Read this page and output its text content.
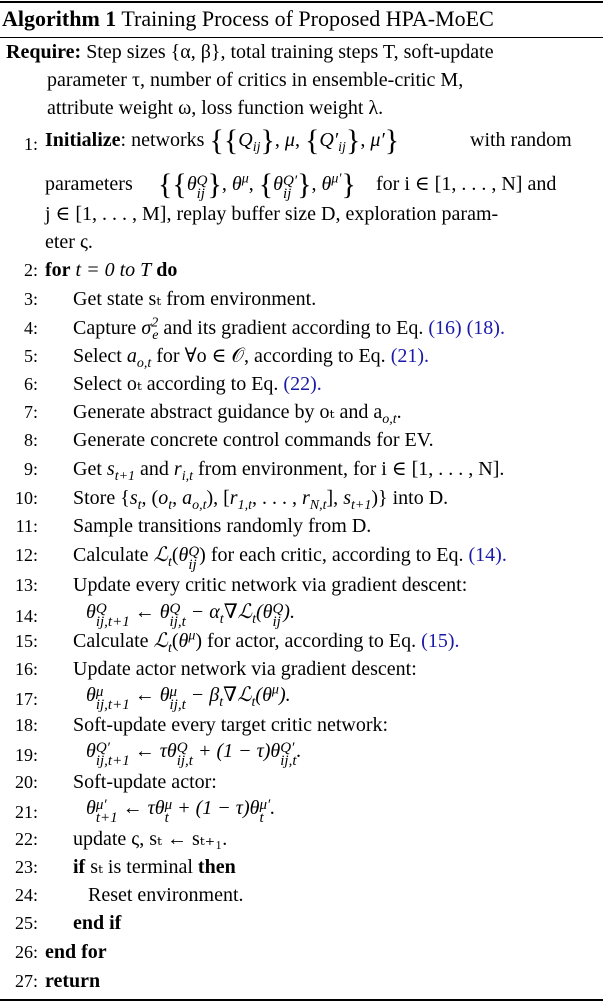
Algorithm 1 Training Process of Proposed HPA-MoEC
Require: Step sizes {α, β}, total training steps T, soft-update
parameter τ, number of critics in ensemble-critic M,
attribute weight ω, loss function weight λ.
1: Initialize: networks {$\{Q_{ij}\}$, μ, $\{Q'_{ij}\}$, μ′}	with random
parameters {{θ Q
ij }, $\theta^\mu$, {θ Q′
ij }, $\theta^{\mu'}$} for i ∈ [1, . . . , N] and
j ∈ [1, . . . , M], replay buffer size D, exploration param-
eter ς.
2: for t = 0 to T do
3: Get state sₜ from environment.
4: Capture $\sigma^2_e$ and its gradient according to Eq. (16) (18).
5: Select $a_{o,t}$ for ∀o ∈ 𝒪, according to Eq. (21).
6: Select oₜ according to Eq. (22).
7: Generate abstract guidance by oₜ and $a_{o,t}$.
8: Generate concrete control commands for EV.
9: Get $s_{t+1}$ and $r_{i,t}$ from environment, for i ∈ [1, . . . , N].
10: Store {$s_t$, ($o_t$, $a_{o,t}$), [$r_{1,t}$, . . . , $r_{N,t}$], $s_{t+1}$)} into D.
11: Sample transitions randomly from D.
12: Calculate ℒ$_t$(θ Q
ij ) for each critic, according to Eq. (14).
13: Update every critic network via gradient descent:
14: θ Q
ij,t+1 ← θ Q
$ij,t - \alpha_t\nabla ℒ_t(\theta$ Q
ij ).
15: Calculate $ℒ_t(\theta^\mu)$ for actor, according to Eq. (15).
16: Update actor network via gradient descent:
17: θ μ
ij,t+1 ← θ μ
$ij,t - \beta_t\nabla ℒ_t(\theta^\mu)$.
18: Soft-update every target critic network:
19: θ Q′
ij,t+1 ← τθ Q
ij,t + (1 − τ)θ Q′
ij,t .
20: Soft-update actor:
21: θ μ′
t+1 ← τθ μ
t + (1 − τ)θ μ′
t .
22: update ς, sₜ ← sₜ₊₁.
23: if sₜ is terminal then
24:	Reset environment.
25: end if
26: end for
27: return
